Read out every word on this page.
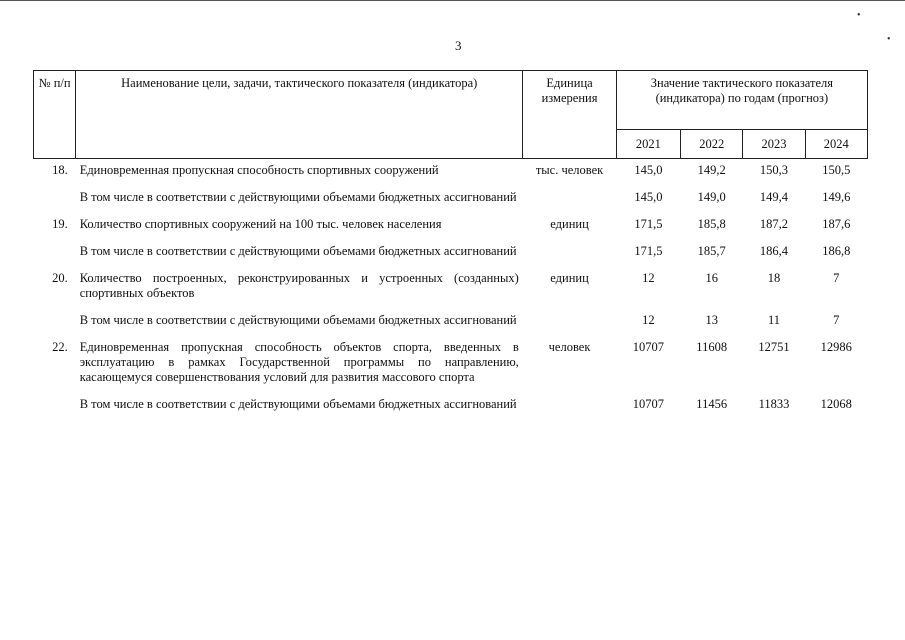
•
•
3
№ п/п	Наименование цели, задачи, тактического показателя (индикатора)	Единица измерения	Значение тактического показателя (индикатора) по годам (прогноз)			

			2021	2022	2023	2024
18.	Единовременная пропускная способность спортивных сооружений	тыс. человек	145,0	149,2	150,3	150,5
	В том числе в соответствии с действующими объемами бюджетных ассигнований		145,0	149,0	149,4	149,6
19.	Количество спортивных сооружений на 100 тыс. человек населения	единиц	171,5	185,8	187,2	187,6
	В том числе в соответствии с действующими объемами бюджетных ассигнований		171,5	185,7	186,4	186,8
20.	Количество построенных, реконструированных и устроенных (созданных) спортивных объектов	единиц	12	16	18	7
	В том числе в соответствии с действующими объемами бюджетных ассигнований		12	13	11	7
22.	Единовременная пропускная способность объектов спорта, введенных в эксплуатацию в рамках Государственной программы по направлению, касающемуся совершенствования условий для развития массового спорта	человек	10707	11608	12751	12986
	В том числе в соответствии с действующими объемами бюджетных ассигнований		10707	11456	11833	12068
